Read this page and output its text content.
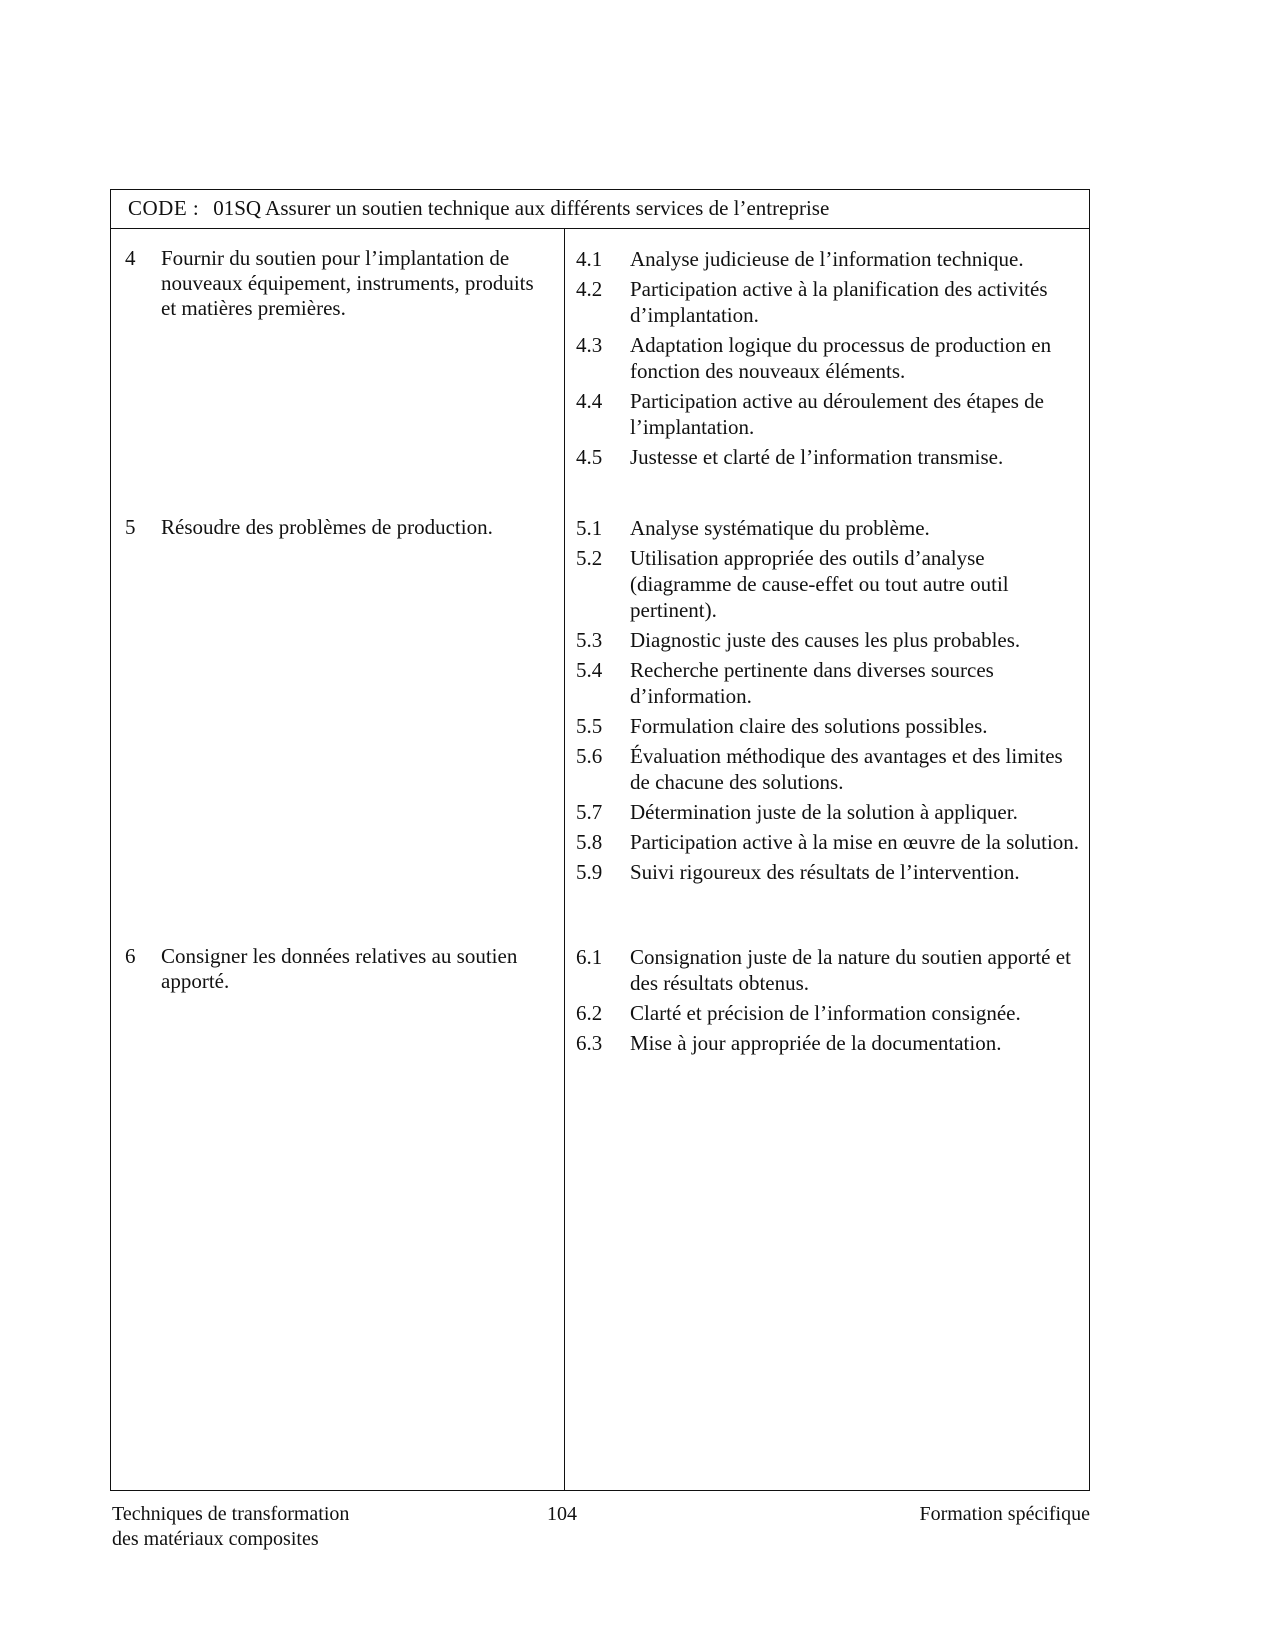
CODE : 01SQ Assurer un soutien technique aux différents services de l’entreprise
4 Fournir du soutien pour l’implantation de nouveaux équipement, instruments, produits et matières premières.
4.1	Analyse judicieuse de l’information technique.
4.2	Participation active à la planification des activités d’implantation.
4.3	Adaptation logique du processus de production en fonction des nouveaux éléments.
4.4	Participation active au déroulement des étapes de l’implantation.
4.5	Justesse et clarté de l’information transmise.
5 Résoudre des problèmes de production.	5.1	Analyse systématique du problème.
5.2	Utilisation appropriée des outils d’analyse (diagramme de cause-effet ou tout autre outil pertinent).
5.3	Diagnostic juste des causes les plus probables.
5.4	Recherche pertinente dans diverses sources d’information.
5.5	Formulation claire des solutions possibles.
5.6	Évaluation méthodique des avantages et des limites de chacune des solutions.
5.7	Détermination juste de la solution à appliquer.
5.8	Participation active à la mise en œuvre de la solution.
5.9	Suivi rigoureux des résultats de l’intervention.
6 Consigner les données relatives au soutien apporté.
6.1	Consignation juste de la nature du soutien apporté et des résultats obtenus.
6.2	Clarté et précision de l’information consignée.
6.3	Mise à jour appropriée de la documentation.
Techniques de transformation
des matériaux composites
104	Formation spécifique
